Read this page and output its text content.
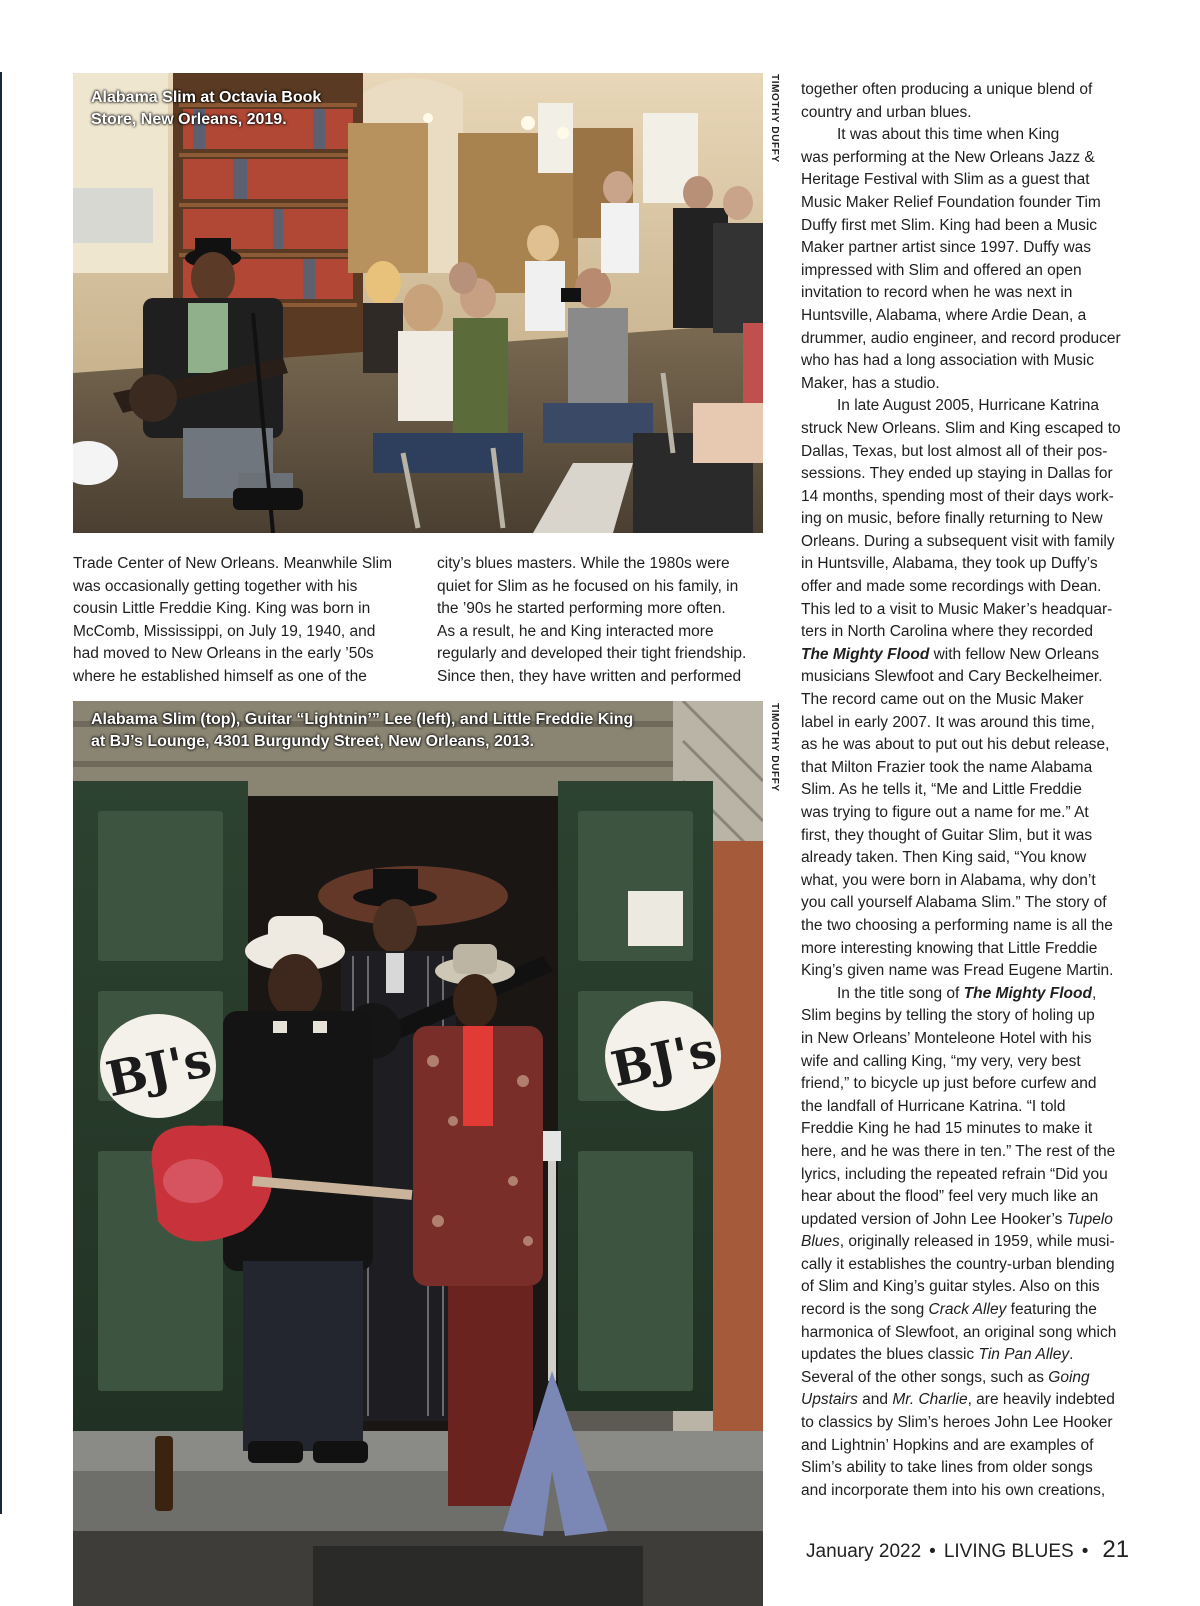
Alabama Slim at Octavia Book
Store, New Orleans, 2019.	TIMOTHY DUFFY
Trade Center of New Orleans. Meanwhile Slim
was occasionally getting together with his
cousin Little Freddie King. King was born in
McComb, Mississippi, on July 19, 1940, and
had moved to New Orleans in the early ’50s
where he established himself as one of the
city’s blues masters. While the 1980s were
quiet for Slim as he focused on his family, in
the ’90s he started performing more often.
As a result, he and King interacted more
regularly and developed their tight friendship.
Since then, they have written and performed
BJ's	BJ's
Alabama Slim (top), Guitar “Lightnin’” Lee (left), and Little Freddie King
at BJ’s Lounge, 4301 Burgundy Street, New Orleans, 2013.	TIMOTHY DUFFY
together often producing a unique blend of
country and urban blues.
It was about this time when King
was performing at the New Orleans Jazz &
Heritage Festival with Slim as a guest that
Music Maker Relief Foundation founder Tim
Duffy first met Slim. King had been a Music
Maker partner artist since 1997. Duffy was
impressed with Slim and offered an open
invitation to record when he was next in
Huntsville, Alabama, where Ardie Dean, a
drummer, audio engineer, and record producer
who has had a long association with Music
Maker, has a studio.
In late August 2005, Hurricane Katrina
struck New Orleans. Slim and King escaped to
Dallas, Texas, but lost almost all of their pos-
sessions. They ended up staying in Dallas for
14 months, spending most of their days work-
ing on music, before finally returning to New
Orleans. During a subsequent visit with family
in Huntsville, Alabama, they took up Duffy’s
offer and made some recordings with Dean.
This led to a visit to Music Maker’s headquar-
ters in North Carolina where they recorded
The Mighty Flood with fellow New Orleans
musicians Slewfoot and Cary Beckelheimer.
The record came out on the Music Maker
label in early 2007. It was around this time,
as he was about to put out his debut release,
that Milton Frazier took the name Alabama
Slim. As he tells it, “Me and Little Freddie
was trying to figure out a name for me.” At
first, they thought of Guitar Slim, but it was
already taken. Then King said, “You know
what, you were born in Alabama, why don’t
you call yourself Alabama Slim.” The story of
the two choosing a performing name is all the
more interesting knowing that Little Freddie
King’s given name was Fread Eugene Martin.
In the title song of The Mighty Flood,
Slim begins by telling the story of holing up
in New Orleans’ Monteleone Hotel with his
wife and calling King, “my very, very best
friend,” to bicycle up just before curfew and
the landfall of Hurricane Katrina. “I told
Freddie King he had 15 minutes to make it
here, and he was there in ten.” The rest of the
lyrics, including the repeated refrain “Did you
hear about the flood” feel very much like an
updated version of John Lee Hooker’s Tupelo
Blues, originally released in 1959, while musi-
cally it establishes the country-urban blending
of Slim and King’s guitar styles. Also on this
record is the song Crack Alley featuring the
harmonica of Slewfoot, an original song which
updates the blues classic Tin Pan Alley.
Several of the other songs, such as Going
Upstairs and Mr. Charlie, are heavily indebted
to classics by Slim’s heroes John Lee Hooker
and Lightnin’ Hopkins and are examples of
Slim’s ability to take lines from older songs
and incorporate them into his own creations,
January 2022 • LIVING BLUES • 21
